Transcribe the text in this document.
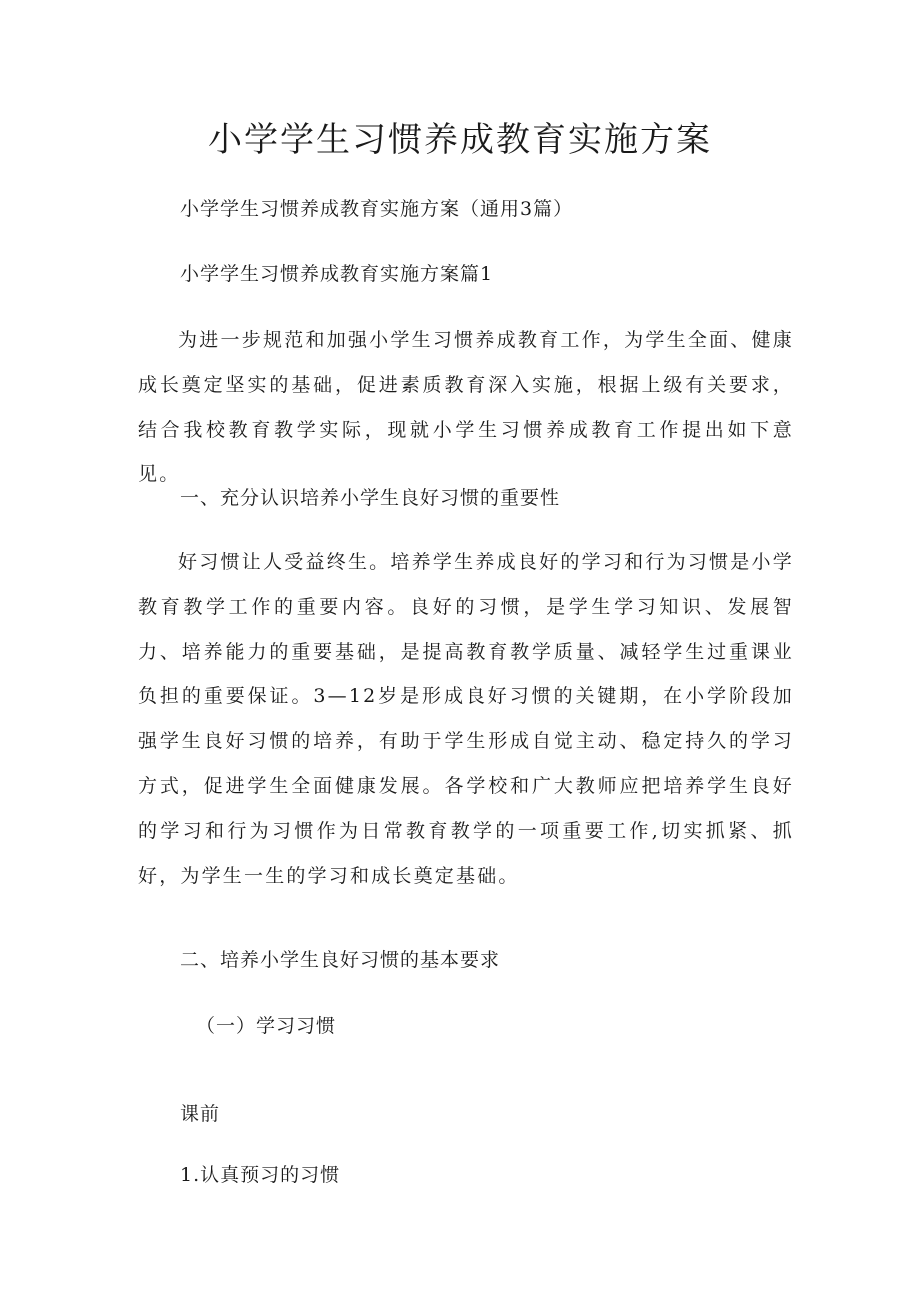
小学学生习惯养成教育实施方案

小学学生习惯养成教育实施方案（通用3篇）

小学学生习惯养成教育实施方案篇1

为进一步规范和加强小学生习惯养成教育工作，为学生全面、健康成长奠定坚实的基础，促进素质教育深入实施，根据上级有关要求，结合我校教育教学实际，现就小学生习惯养成教育工作提出如下意见。

一、充分认识培养小学生良好习惯的重要性

好习惯让人受益终生。培养学生养成良好的学习和行为习惯是小学教育教学工作的重要内容。良好的习惯，是学生学习知识、发展智力、培养能力的重要基础，是提高教育教学质量、减轻学生过重课业负担的重要保证。3—12岁是形成良好习惯的关键期，在小学阶段加强学生良好习惯的培养，有助于学生形成自觉主动、稳定持久的学习方式，促进学生全面健康发展。各学校和广大教师应把培养学生良好的学习和行为习惯作为日常教育教学的一项重要工作,切实抓紧、抓好，为学生一生的学习和成长奠定基础。

二、培养小学生良好习惯的基本要求

（一）学习习惯

课前

1.认真预习的习惯
